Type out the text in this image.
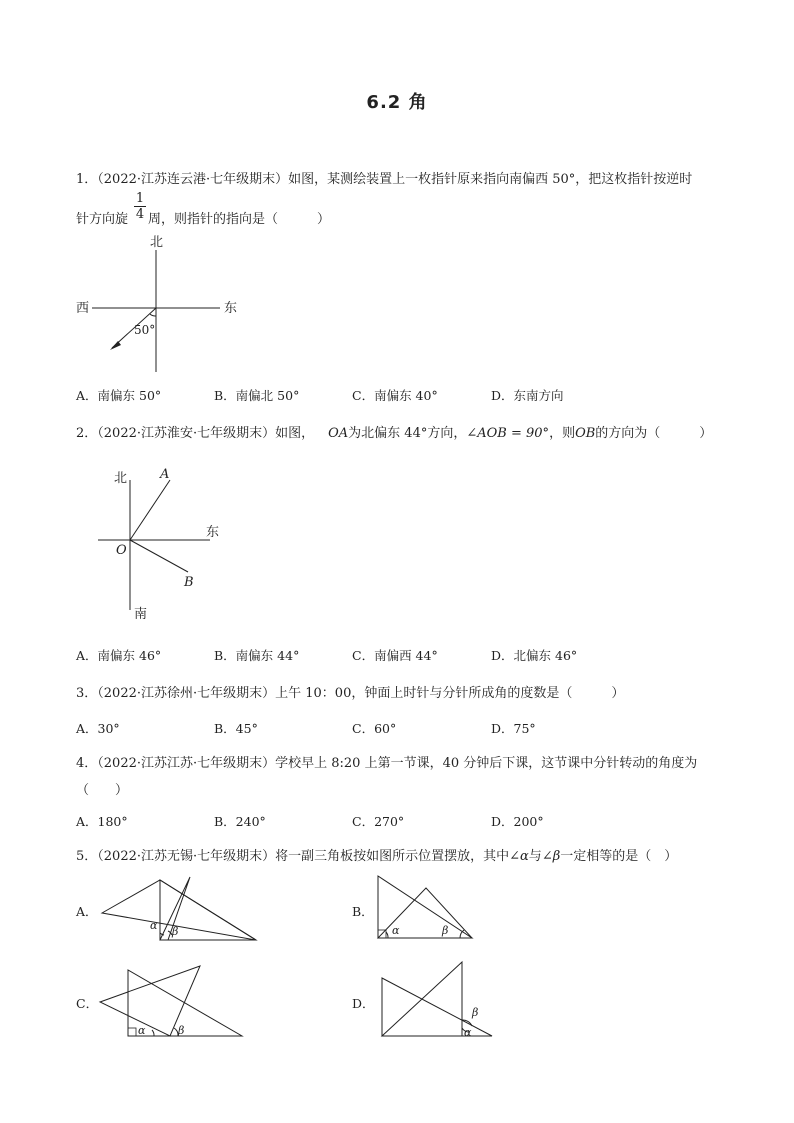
6.2 角
1．（2022·江苏连云港·七年级期末）如图，某测绘装置上一枚指针原来指向南偏西 50°，把这枚指针按逆时
针方向旋
1
4 周，则指针的指向是（　　　）
北
西	东
50°
A．南偏东 50°	B．南偏北 50°	C．南偏东 40°	D．东南方向
2．（2022·江苏淮安·七年级期末）如图， OA为北偏东 44°方向，∠AOB = 90°，则OB的方向为（　　　）
北	A
东
O
B
南
A．南偏东 46°	B．南偏东 44°	C．南偏西 44°	D．北偏东 46°
3．（2022·江苏徐州·七年级期末）上午 10：00，钟面上时针与分针所成角的度数是（　　　）
A．30°	B．45°	C．60°	D．75°
4．（2022·江苏江苏·七年级期末）学校早上 8:20 上第一节课，40 分钟后下课，这节课中分针转动的角度为
（　　）
A．180°	B．240°	C．270°	D．200°
5．（2022·江苏无锡·七年级期末）将一副三角板按如图所示位置摆放，其中∠α与∠β一定相等的是（　）
A．
α β
B．
α	β
C．
α	β
D．
β
α
